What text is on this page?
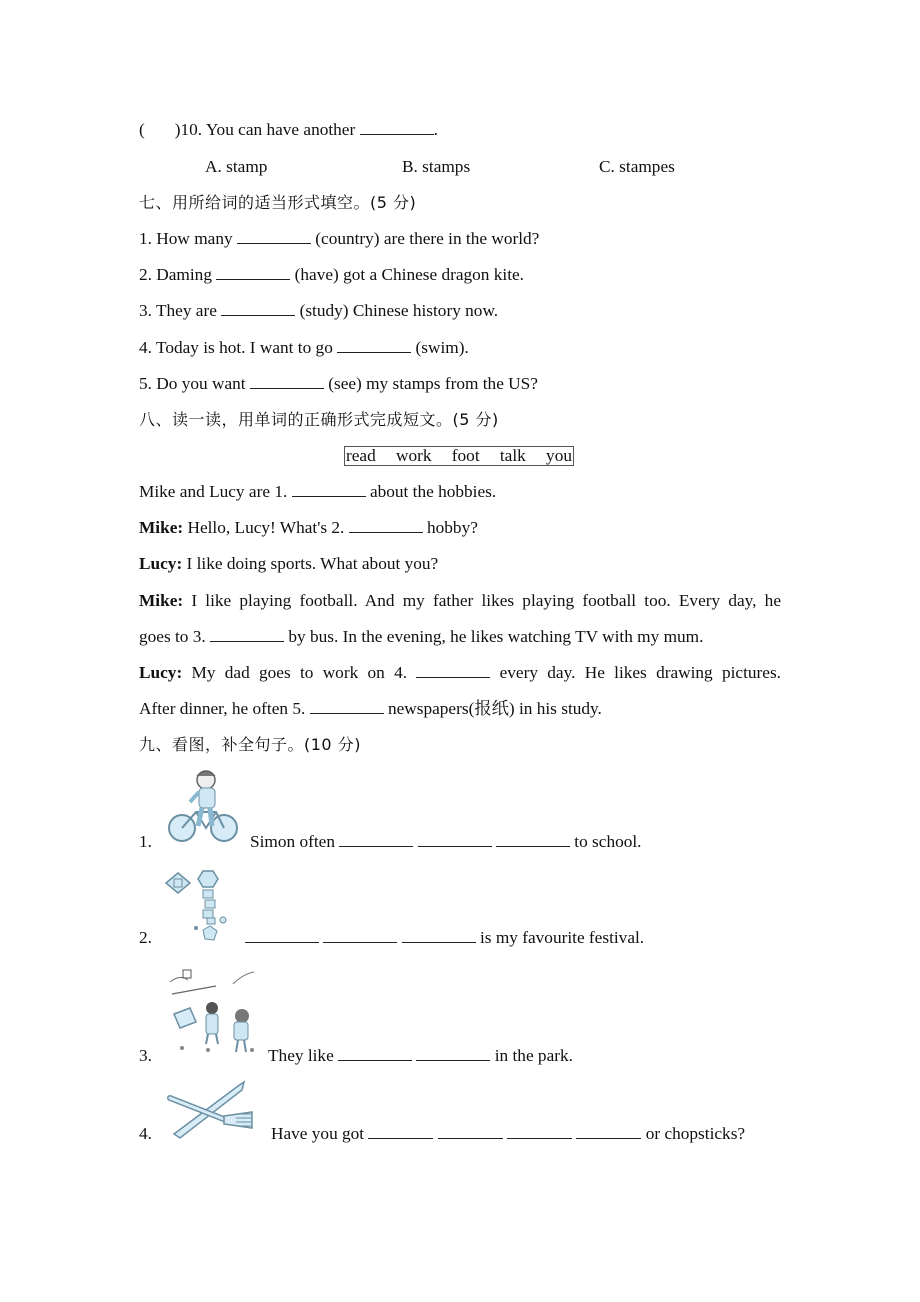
( )10. You can have another	.
A. stamp	B. stamps	C. stampes
七、用所给词的适当形式填空。(5 分)
1. How many	(country) are there in the world?
2. Daming	(have) got a Chinese dragon kite.
3. They are	(study) Chinese history now.
4. Today is hot. I want to go	(swim).
5. Do you want	(see) my stamps from the US?
八、读一读，用单词的正确形式完成短文。(5 分)
read work foot talk you
Mike and Lucy are 1.	about the hobbies.
Mike: Hello, Lucy! What's 2.	hobby?
Lucy: I like doing sports. What about you?
Mike: I like playing football. And my father likes playing football too. Every day, he
goes to 3.	by bus. In the evening, he likes watching TV with my mum.
Lucy: My dad goes to work on 4.	every day. He likes drawing pictures.
After dinner, he often 5.	newspapers(报纸) in his study.
九、看图，补全句子。(10 分)
1.	Simon often	to school.
2.	is my favourite festival.
3.	They like	in the park.
4.	Have you got	or chopsticks?
